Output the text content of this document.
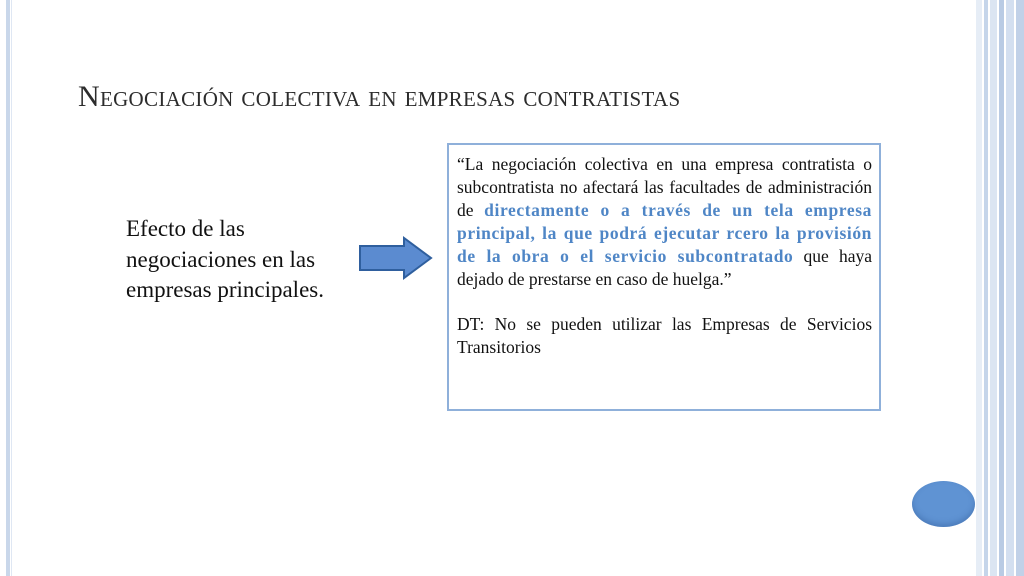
Negociación colectiva en empresas contratistas
Efecto de las negociaciones en las empresas principales.

“La negociación colectiva en una empresa contratista o subcontratista no afectará las facultades de administración de directamente o a través de un tela empresa principal, la que podrá ejecutar rcero la provisión de la obra o el servicio subcontratado que haya dejado de prestarse en caso de huelga.”

DT: No se pueden utilizar las Empresas de Servicios Transitorios
